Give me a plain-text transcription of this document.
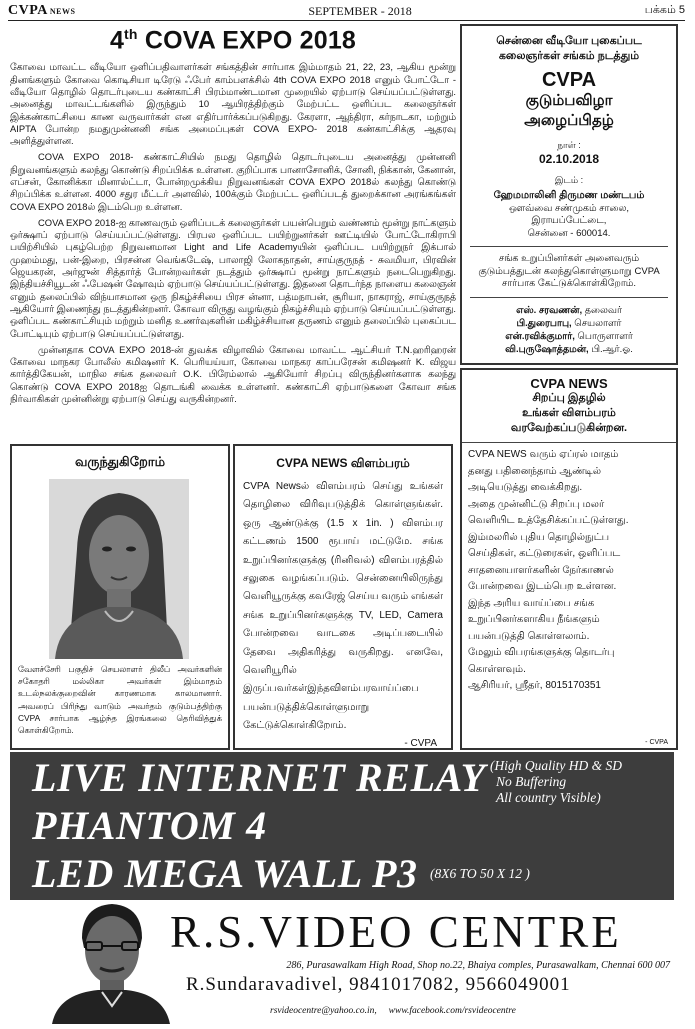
CVPA NEWS	SEPTEMBER - 2018	பக்கம் 5
4th COVA EXPO 2018

கோவை மாவட்ட வீடியோ ஒளிப்பதிவாளர்கள் சங்கத்தின் சார்பாக இம்மாதம் 21, 22, 23, ஆகிய மூன்று தினங்களும் கோவை கொடிசியா டிரேடு ஃபேர் காம்பளக்சில் 4th COVA EXPO 2018 எனும் போட்டோ - வீடியோ தொழில் தொடர்புடைய கண்காட்சி பிரம்மாண்டமான முறையில் ஏற்பாடு செய்யப்பட்டுள்ளது. அனைத்து மாவட்டங்களில் இருந்தும் 10 ஆயிரத்திற்கும் மேற்பட்ட ஒளிப்பட கலைஞர்கள் இக்கண்காட்சியை காண வருவார்கள் என எதிர்பார்க்கப்படுகிறது. கேரளா, ஆந்திரா, கர்நாடகா, மற்றும் AIPTA போன்ற நமதுமுன்னனி சங்க அமைப்புகள் COVA EXPO- 2018 கண்காட்சிக்கு ஆதரவு அளித்துள்ளன.

COVA EXPO 2018- கண்காட்சியில் நமது தொழில் தொடர்புடைய அனைத்து முன்னனி நிறுவனங்களும் கலந்து கொண்டு சிறப்பிக்க உள்ளன. குறிப்பாக பானாசோனிக், சோனி, நிக்கான், கேனான், எப்சன், கோனிக்கா மினால்ட்டா, போன்றமுக்கிய நிறுவனங்கள் COVA EXPO 2018ல் கலந்து கொண்டு சிறப்பிக்க உள்ளன. 4000 சதுர மீட்டர் அளவில், 100க்கும் மேற்பட்ட ஒளிப்படத் துறைக்கான அரங்கங்கள் COVA EXPO 2018ல் இடம்பெற உள்ளன.

COVA EXPO 2018-ஐ காணவரும் ஒளிப்படக் கலைஞர்கள் பயன்பெறும் வண்ணம் மூன்று நாட்களும் ஒர்க்ஷாப் ஏற்பாடு செய்யப்பட்டுள்ளது. பிரபல ஒளிப்பட பயிற்றுனர்கள் ஊட்டியில் போட்டோகிராபி பயிற்சியில் புகழ்பெற்ற நிறுவனமான Light and Life Academyயின் ஒளிப்பட பயிற்றுநர் இக்பால் முஹம்மது, பன்-இறை, பிரசன்ன வெங்கடேஷ், பாலாஜி லோகநாதன், சாய்குருநத் - சுவமியா, பிரவின் ஜெயகரன், அர்ஜுன் சித்தார்த் போன்றவர்கள் நடத்தும் ஒர்க்ஷாப் மூன்று நாட்களும் நடைபெறுகிறது. இந்தியச்சியூடன் ஃபேஷன் ஷோவும் ஏற்பாடு செய்யப்பட்டுள்ளது. இதனை தொடர்ந்த நாளைய கலைஞன் எனும் தலைப்பில் விந்யாசமான ஒரு நிகழ்ச்சியை பிரச ன்னா, பத்மநாபன், சூரியா, நாகராஜ், சாய்குருநத் ஆகியோர் இணைந்து நடத்துகின்றனர். கோவா விருது வழங்கும் நிகழ்ச்சியும் ஏற்பாடு செய்யப்பட்டுள்ளது. ஒளிப்பட கண்காட்சியும் மற்றும் மனித உணர்வுகளின் மகிழ்ச்சியான தருணம் எனும் தலைப்பில் புகைப்பட போட்டியும் ஏற்பாடு செய்யப்பட்டுள்ளது.

முன்னதாக COVA EXPO 2018-ன் துவக்க விழாவில் கோவை மாவட்ட ஆட்சியர் T.N.ஹரிஹரன் கோவை மாநகர போலீஸ் கமிஷனர் K. பெரியய்யா, கோவை மாநகர காப்பரேசன் கமிஷனர் K. விஜய கார்த்திகேயன், மாநில சங்க தலைவர் O.K. பிரேம்லால் ஆகியோர் சிறப்பு விருந்தினர்களாக கலந்து கொண்டு COVA EXPO 2018ஐ தொடங்கி வைக்க உள்ளனர். கண்காட்சி ஏற்பாடுகளை கோவா சங்க நிர்வாகிகள் முன்னின்று ஏற்பாடு செய்து வருகின்றனர்.

சென்னை வீடியோ புகைப்பட
கலைஞர்கள் சங்கம் நடத்தும்
CVPA
குடும்பவிழா
அழைப்பிதழ்
நாள் :
02.10.2018
இடம் :
ஹேமமாலினி திருமண மண்டபம்
ஔவ்வை சண்முகம் சாலை,
இராயப்பேட்டை,
சென்னை - 600014.
சங்க உறுப்பினர்கள் அனைவரும் குடும்பத்துடன் கலந்துகொள்ளுமாறு CVPA சார்பாக கேட்டுக்கொள்கிறோம்.
எஸ். சரவணன், தலைவர்
பி.துரைபாபு, செயலாளர்
என்.ரவிக்குமார், பொருளாளர்
வி.புருஷோத்தமன், பி.ஆர்.ஓ.
CVPA NEWS
சிறப்பு இதழில்
உங்கள் விளம்பரம்
வரவேற்கப்படுகின்றன.
CVPA NEWS வரும் ஏப்ரல் மாதம்
தனது பதினைந்தாம் ஆண்டில்
அடியெடுத்து வைக்கிறது.
அதை முன்னிட்டு சிறப்பு மலர்
வெளியிட உத்தேசிக்கப்பட்டுள்ளது.
இம்மலரில் புதிய தொழில்நுட்ப
செய்திகள், கட்டுரைகள், ஒளிப்பட
சாதனையாளர்களின் நேர்காணல்
போன்றவை இடம்பெற உள்ளன.
இந்த அரிய வாய்ப்பை சங்க
உறுப்பினர்களாகிய நீங்களும்
பயன்படுத்தி கொள்ளலாம்.
மேலும் விபரங்களுக்கு தொடர்பு
கொள்ளவும்.
ஆசிரியர், ஸ்ரீதர், 8015170351
- CVPA
வருந்துகிறோம்
வேளச்சேரி பகுதிச் செயலாளர் திலீப் அவர்களின் சகோதரி மல்லிகா அவர்கள் இம்மாதம் உடல்நலக்குறைவின் காரணமாக காலமானார். அவரைப் பிரிந்து வாடும் அவர்தம் குடும்பத்திற்கு CVPA சார்பாக ஆழ்ந்த இரங்கலை தெரிவித்துக் கொள்கிறோம்.
CVPA NEWS விளம்பரம்
CVPA Newsல் விளம்பரம் செய்து உங்கள் தொழிலை விரிவுபடுத்திக் கொள்ளுங்கள். ஒரு ஆண்டுக்கு (1.5 x 1in. ) விளம்பர கட்டணம் 1500 ரூபாய் மட்டுமே. சங்க உறுப்பினர்களுக்கு (ரினிவல்) விளம்பரத்தில் சலுகை வழங்கப்படும். சென்னையிலிருந்து வெளியூருக்கு கவரேஜ் செய்ய வரும் எங்கள் சங்க உறுப்பினர்களுக்கு TV, LED, Camera போன்றவை வாடகை அடிப்படையில் தேவை அதிகரித்து வருகிறது. எனவே, வெளியூரில் இருப்பவர்கள்இந்தவிளம்பரவாய்ப்பை பயன்படுத்திக்கொள்ளுமாறு கேட்டுக்கொள்கிறோம்.
- CVPA
LIVE INTERNET RELAY (High Quality HD & SD
No Buffering
All country Visible)
PHANTOM 4
LED MEGA WALL P3 (8X6 TO 50 X 12 )
R.S.VIDEO CENTRE
286, Purasawalkam High Road, Shop no.22, Bhaiya comples, Purasawalkam, Chennai 600 007
R.Sundaravadivel, 9841017082, 9566049001
rsvideocentre@yahoo.co.in, www.facebook.com/rsvideocentre
